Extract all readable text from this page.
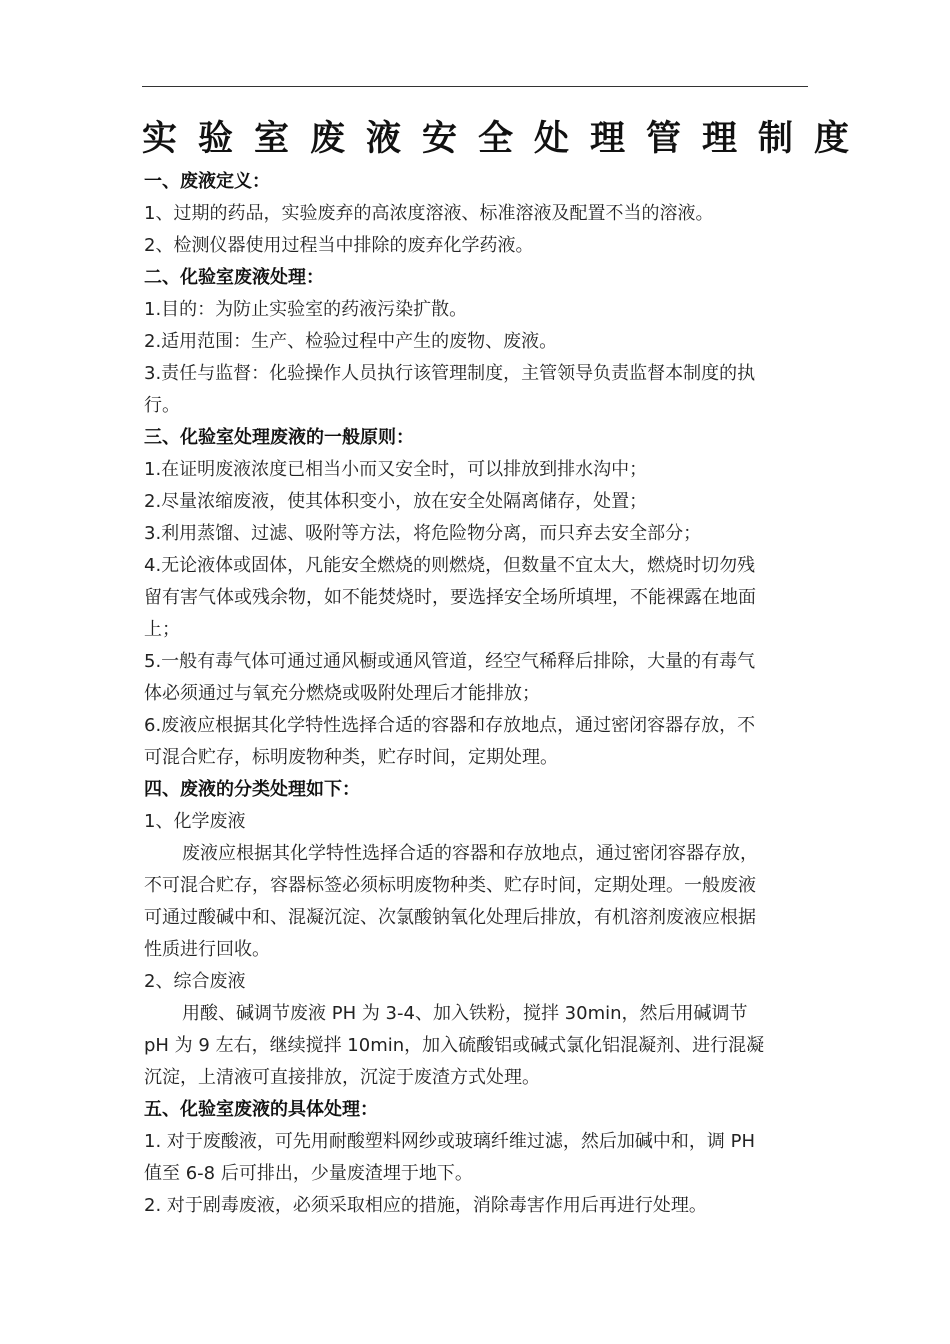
实验室废液安全处理管理制度

一、废液定义：

1、过期的药品，实验废弃的高浓度溶液、标准溶液及配置不当的溶液。

2、检测仪器使用过程当中排除的废弃化学药液。

二、化验室废液处理：

1.目的：为防止实验室的药液污染扩散。

2.适用范围：生产、检验过程中产生的废物、废液。

3.责任与监督：化验操作人员执行该管理制度，主管领导负责监督本制度的执

行。

三、化验室处理废液的一般原则：

1.在证明废液浓度已相当小而又安全时，可以排放到排水沟中；

2.尽量浓缩废液，使其体积变小，放在安全处隔离储存，处置；

3.利用蒸馏、过滤、吸附等方法，将危险物分离，而只弃去安全部分；

4.无论液体或固体，凡能安全燃烧的则燃烧，但数量不宜太大，燃烧时切勿残

留有害气体或残余物，如不能焚烧时，要选择安全场所填埋，不能裸露在地面

上；

5.一般有毒气体可通过通风橱或通风管道，经空气稀释后排除，大量的有毒气

体必须通过与氧充分燃烧或吸附处理后才能排放；

6.废液应根据其化学特性选择合适的容器和存放地点，通过密闭容器存放，不

可混合贮存，标明废物种类，贮存时间，定期处理。

四、废液的分类处理如下：

1、化学废液

废液应根据其化学特性选择合适的容器和存放地点，通过密闭容器存放，

不可混合贮存，容器标签必须标明废物种类、贮存时间，定期处理。一般废液

可通过酸碱中和、混凝沉淀、次氯酸钠氧化处理后排放，有机溶剂废液应根据

性质进行回收。

2、综合废液

用酸、碱调节废液 PH 为 3-4、加入铁粉，搅拌 30min，然后用碱调节

pH 为 9 左右，继续搅拌 10min，加入硫酸铝或碱式氯化铝混凝剂、进行混凝

沉淀，上清液可直接排放，沉淀于废渣方式处理。

五、化验室废液的具体处理：

1. 对于废酸液，可先用耐酸塑料网纱或玻璃纤维过滤，然后加碱中和，调 PH

值至 6-8 后可排出，少量废渣埋于地下。

2. 对于剧毒废液，必须采取相应的措施，消除毒害作用后再进行处理。
